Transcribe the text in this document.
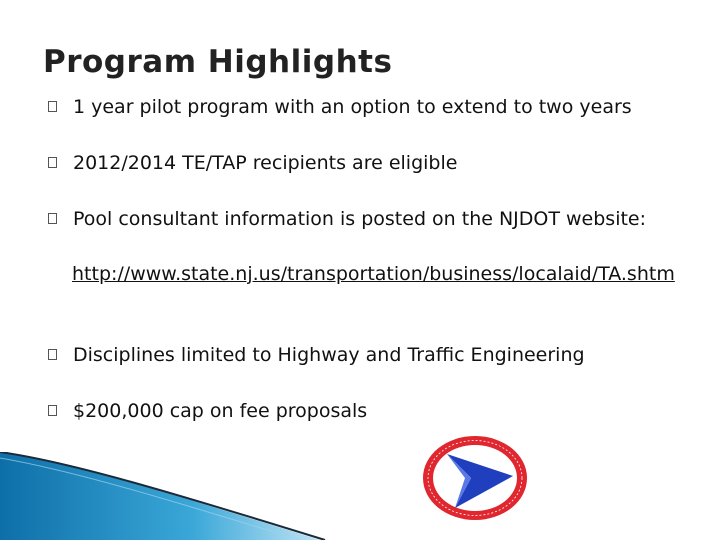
Program Highlights
1 year pilot program with an option to extend to two years
2012/2014 TE/TAP recipients are eligible
Pool consultant information is posted on the NJDOT website:
http://www.state.nj.us/transportation/business/localaid/TA.shtm
Disciplines limited to Highway and Traffic Engineering
$200,000 cap on fee proposals
